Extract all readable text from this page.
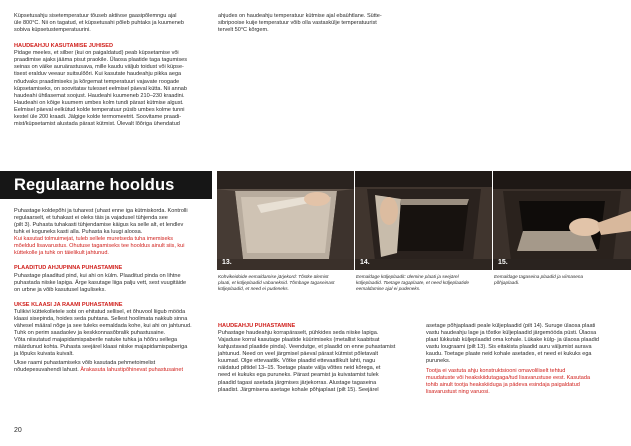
Küpsetusahju sisetemperatuur tõuseb aktiivse gaasipõlemngu ajal

üle 800°C. Nii on tagatud, et küpsetusahi põleb puhtaks ja kuumeneb

sobiva küpsetustemperatuurini.

HAUDEAHJU KASUTAMISE JUHISED

Pidage meeles, et silber (kui on paigaldatud) peab küpsetamise või

praadimise ajaks jääma pisut praokile. Ülaosa plaatide taga tagumises

seinas on väike auruärastusava, mille kaudu väljub toidust või küpse-

tisest eralduv veeaur suitsulõõri. Kui kasutate haudeahju pikka aega

nõudvaks praadimiseks ja kõrgemat temperatuuri vajavate roogade

küpsetamiseks, on soovitatav tulesset eelmisel päeval kütta. Nii annab

haudeahi ühtlasemat soojust. Haudeahi kuumeneb 210–230 kraadini.

Haudeahi on kõige kuumem umbes kolm tundi pärast kütmise algust.

Eelmisel päeval eelkütud kolde temperatuur püsib umbes kolme tunni

kestel üle 200 kraadi. Jälgige kolde termomeetrit. Soovitame praadi-

mist/küpsetamist alustada pärast kütmist. Ülevalt lõõriga ühendatud

ahjudes on haudeahju temperatuur kütmise ajal ebaühtlane. Sütte-

sibripooise kuije temperatuur võib olla vastaskülje temperatuurist

tervelt 50°C kõrgem.

Regulaarne hooldus
13.	14.	15.

Kohvikeidoide eemaldamise järjekord: Tõstke ülemist

plaati, et küljeplaadid vabaneksid. Tõmbage tagaseinast

küljeplaadid, et need ei pudeneks.

Eemaldage küljeplaadit: ülemine plaati ja seejärel

küljeplaadid. Toetage tagaplaate, et need küljeplaatide

eemaldamise ajal ei pudeneks.

Eemaldage tagaseina plaadid ja viimasena

põhjaplaadi.

Puhastage koldepõhi ja tuharest (uhast enne iga kütmiskorda. Kontrolli

regulaarselt, et tuhakast ei oleks täis ja vajadusel tühjenda see

(pilt 3). Puhasta tuhakasti tühjendamise käigus ka selle alt, et lendlev

tuhk ei koguneks kasti alla. Puhasta ka luugi aloosa.

Kui kasutad tolmuimejat, tuleb sellele muretseda tuha imemiseks

mõeldud lisavarustus. Ohutuse tagamiseks tee hooldus ainult siis, kui

küttekolle ja tuhk on täielikult jahtunud.

PLAADITUD AHJUPINNA PUHASTAMINE

Puhastage plaaditud pind, kui ahi on külm. Plaaditud pinda on lihtne

puhastada niiske lapiga. Ärge kasutage liiga palju vett, sest vuugitäide

on urbne ja võib kasutusel laguliseks.

UKSE KLAASI JA RAAMI PUHASTAMINE

Tulikivi küttekolletele sobi on ehitatud sellisel, et õhuvool liigub mööda

klaasi sisepinda, hoides seda puhtana. Sellest hoolimata nakkub sinna

vähesel määral nõge ja see tuleks eemaldada kohe, kui ahi on jahtunud.

Tuhk on perim saadaolev ja keskkonnasõbralik puhastusaine.

Võta niisutatud majapidamispaberile natuke tuhka ja hõõru sellega

määrdunud kohta. Puhasta seejärel klaasi niiske majapidamispaberiga

ja lõpuks kuivata kuivalt.

Ukse raami puhastamiseks võib kasutada pehmetoimelist

nõudepesuvahendi lahust. Ärakasuta lahustipõhinevat puhastusainet

HAUDEAHJU PUHASTAMINE

Puhastage haudeahju korrapäraselt, pühkides seda niiske lapiga.

Vajaduse korral kasutage plaatide küürimiseks (metallist kaabitsat

kahjustavad plaatide pinda). Veendutge, et plaadid on enne puhastamist

jahtunud. Need on veel järgmisel päeval pärast kütmist põletavalt

kuumad. Olge ettevaatlik. Võtke plaadid ettevaatlikult lahti, nagu

näidatud piltidel 13–15. Toetage plaate välja võttes neid kõrega, et

need ei kukuks ega puruneks. Pärast peamist ja kuivatamist tulek

plaadid tagasi asetada järgmises järjekorras. Alustage tagaseina

plaadist. Järgmisena asetage kohale põhjaplaat (pilt 15). Seejärel

asetage põhjaplaadi peale küljeplaadid (pilt 14). Suruge ülaosa plaati

vastu haudeahju lage ja tõstke küljeplaadid järgemööda püsti. Ülaosa

plaat lükkutab küljeplaadid oma kohale. Lükake külg- ja ülaosa plaadid

vastu lougraami (pilt 13). Sis eitakista plaadid auru väljumist aurava

kaudu. Toetage plaate neid kohale asetades, et need ei kukuks ega

puruneks.

Tootja ei vastuta ahju konstruktsiooni omavoliliselt tehtud

muudatuste või heakskiidutagaga/tud lisavarustuse eest. Kasutada

tohib ainult tootja heakskiiduga ja pädeva esindaja paigaldatud

lisavarustust ning varuosi.

20
